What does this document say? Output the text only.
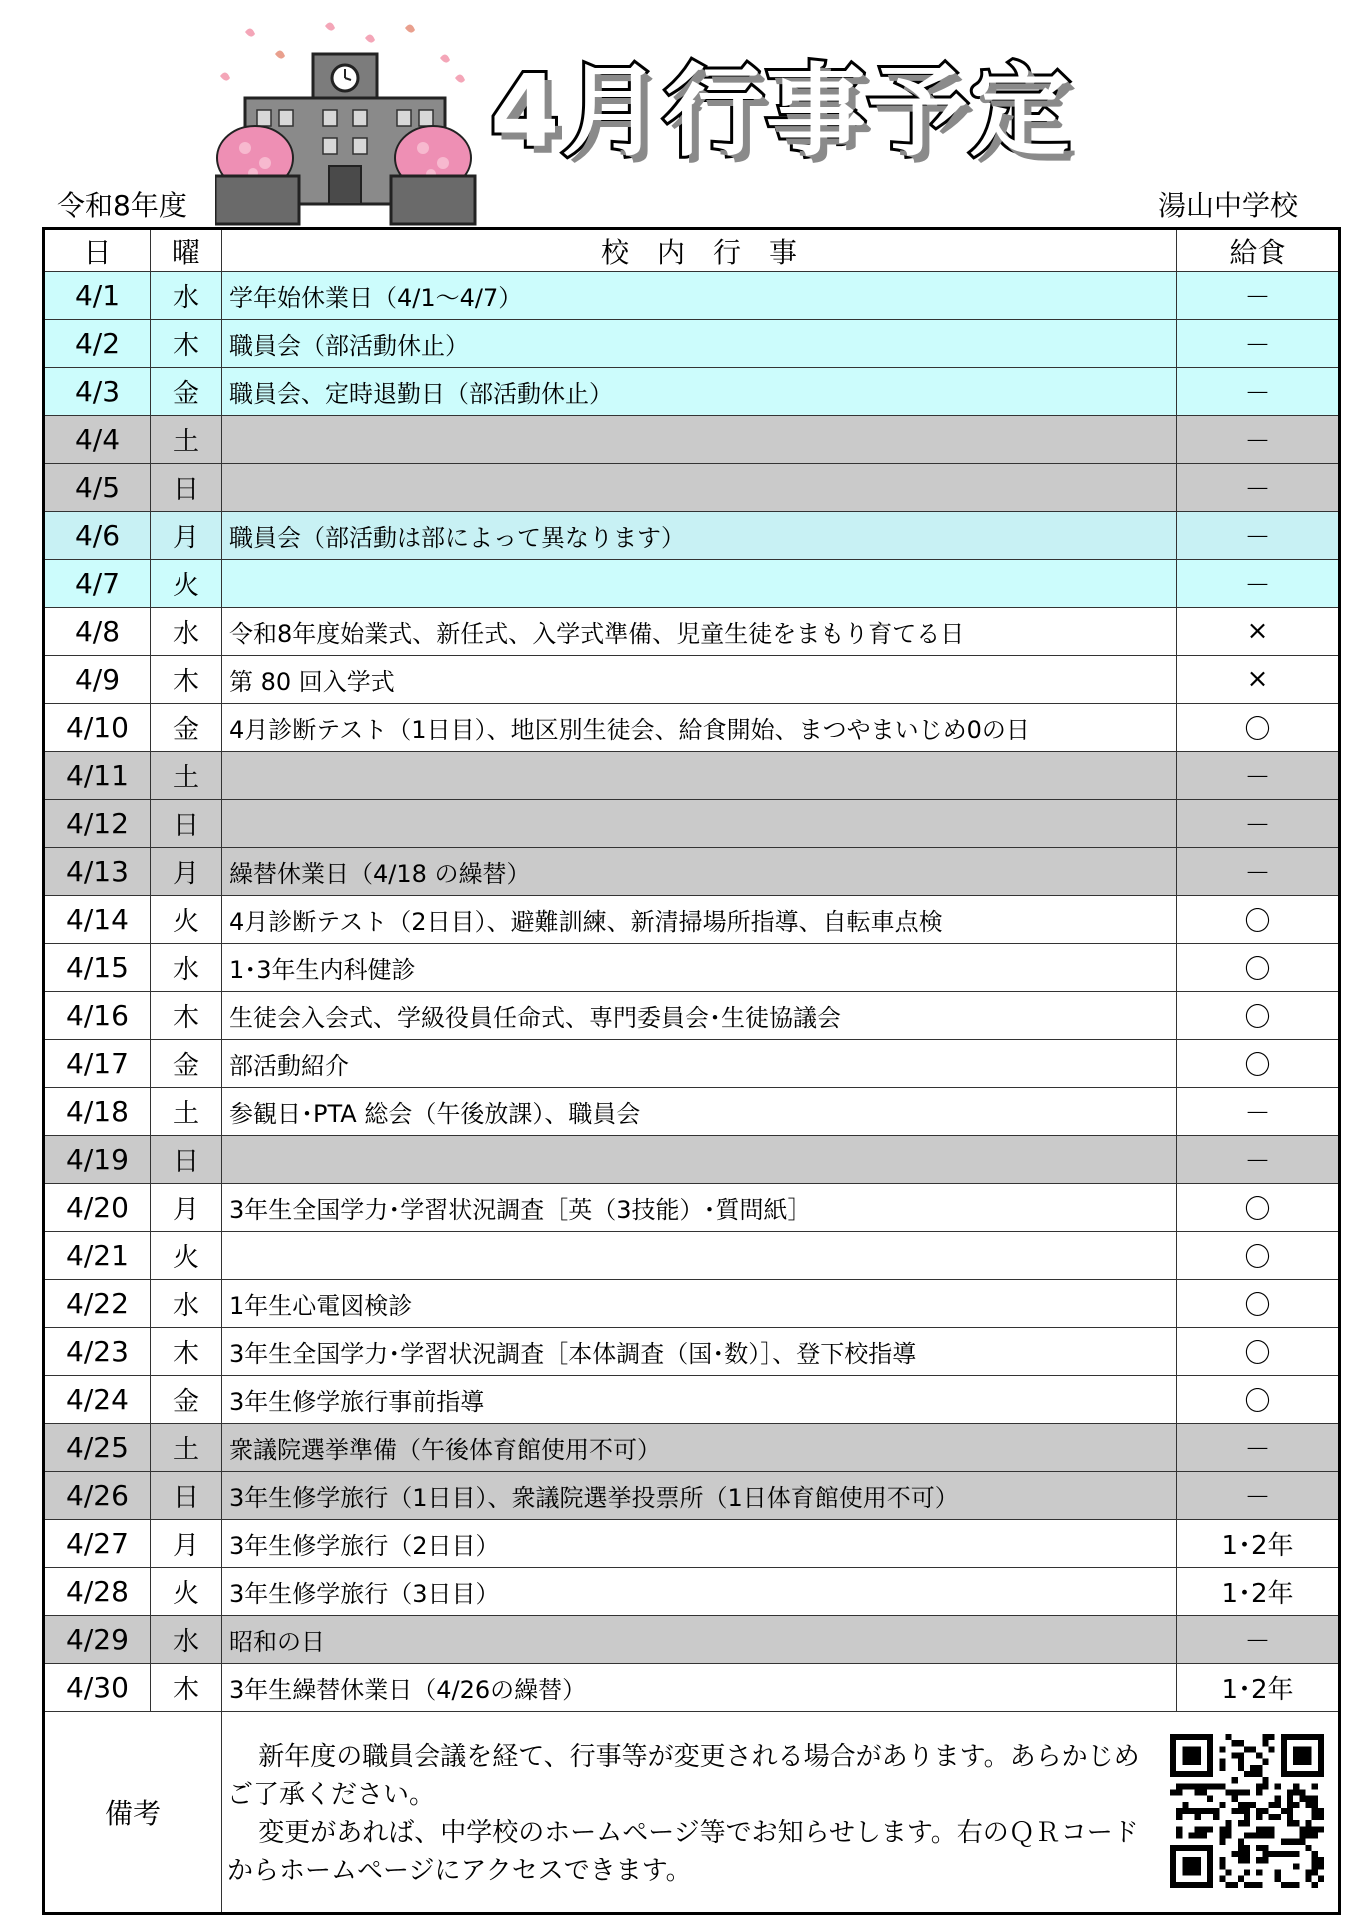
4月行事予定
令和8年度	湯山中学校
日	曜	校　内　行　事	給食
4/1	水	学年始休業日（4/1～4/7）	－
4/2	木	職員会（部活動休止）	－
4/3	金	職員会、定時退勤日（部活動休止）	－
4/4	土		－
4/5	日		－
4/6	月	職員会（部活動は部によって異なります）	－
4/7	火		－
4/8	水	令和8年度始業式、新任式、入学式準備、児童生徒をまもり育てる日	×
4/9	木	第 80 回入学式	×
4/10	金	4月診断テスト（1日目）、地区別生徒会、給食開始、まつやまいじめ0の日	〇
4/11	土		－
4/12	日		－
4/13	月	繰替休業日（4/18 の繰替）	－
4/14	火	4月診断テスト（2日目）、避難訓練、新清掃場所指導、自転車点検	〇
4/15	水	1･3年生内科健診	〇
4/16	木	生徒会入会式、学級役員任命式、専門委員会･生徒協議会	〇
4/17	金	部活動紹介	〇
4/18	土	参観日･PTA 総会（午後放課）、職員会	－
4/19	日		－
4/20	月	3年生全国学力･学習状況調査［英（3技能）･質問紙］	〇
4/21	火		〇
4/22	水	1年生心電図検診	〇
4/23	木	3年生全国学力･学習状況調査［本体調査（国･数）］、登下校指導	〇
4/24	金	3年生修学旅行事前指導	〇
4/25	土	衆議院選挙準備（午後体育館使用不可）	－
4/26	日	3年生修学旅行（1日目）、衆議院選挙投票所（1日体育館使用不可）	－
4/27	月	3年生修学旅行（2日目）	1･2年
4/28	火	3年生修学旅行（3日目）	1･2年
4/29	水	昭和の日	－
4/30	木	3年生繰替休業日（4/26の繰替）	1･2年
備考		新年度の職員会議を経て、行事等が変更される場合があります。あらかじめご了承ください。

変更があれば、中学校のホームページ等でお知らせします。右のＱＲコードからホームページにアクセスできます。	
